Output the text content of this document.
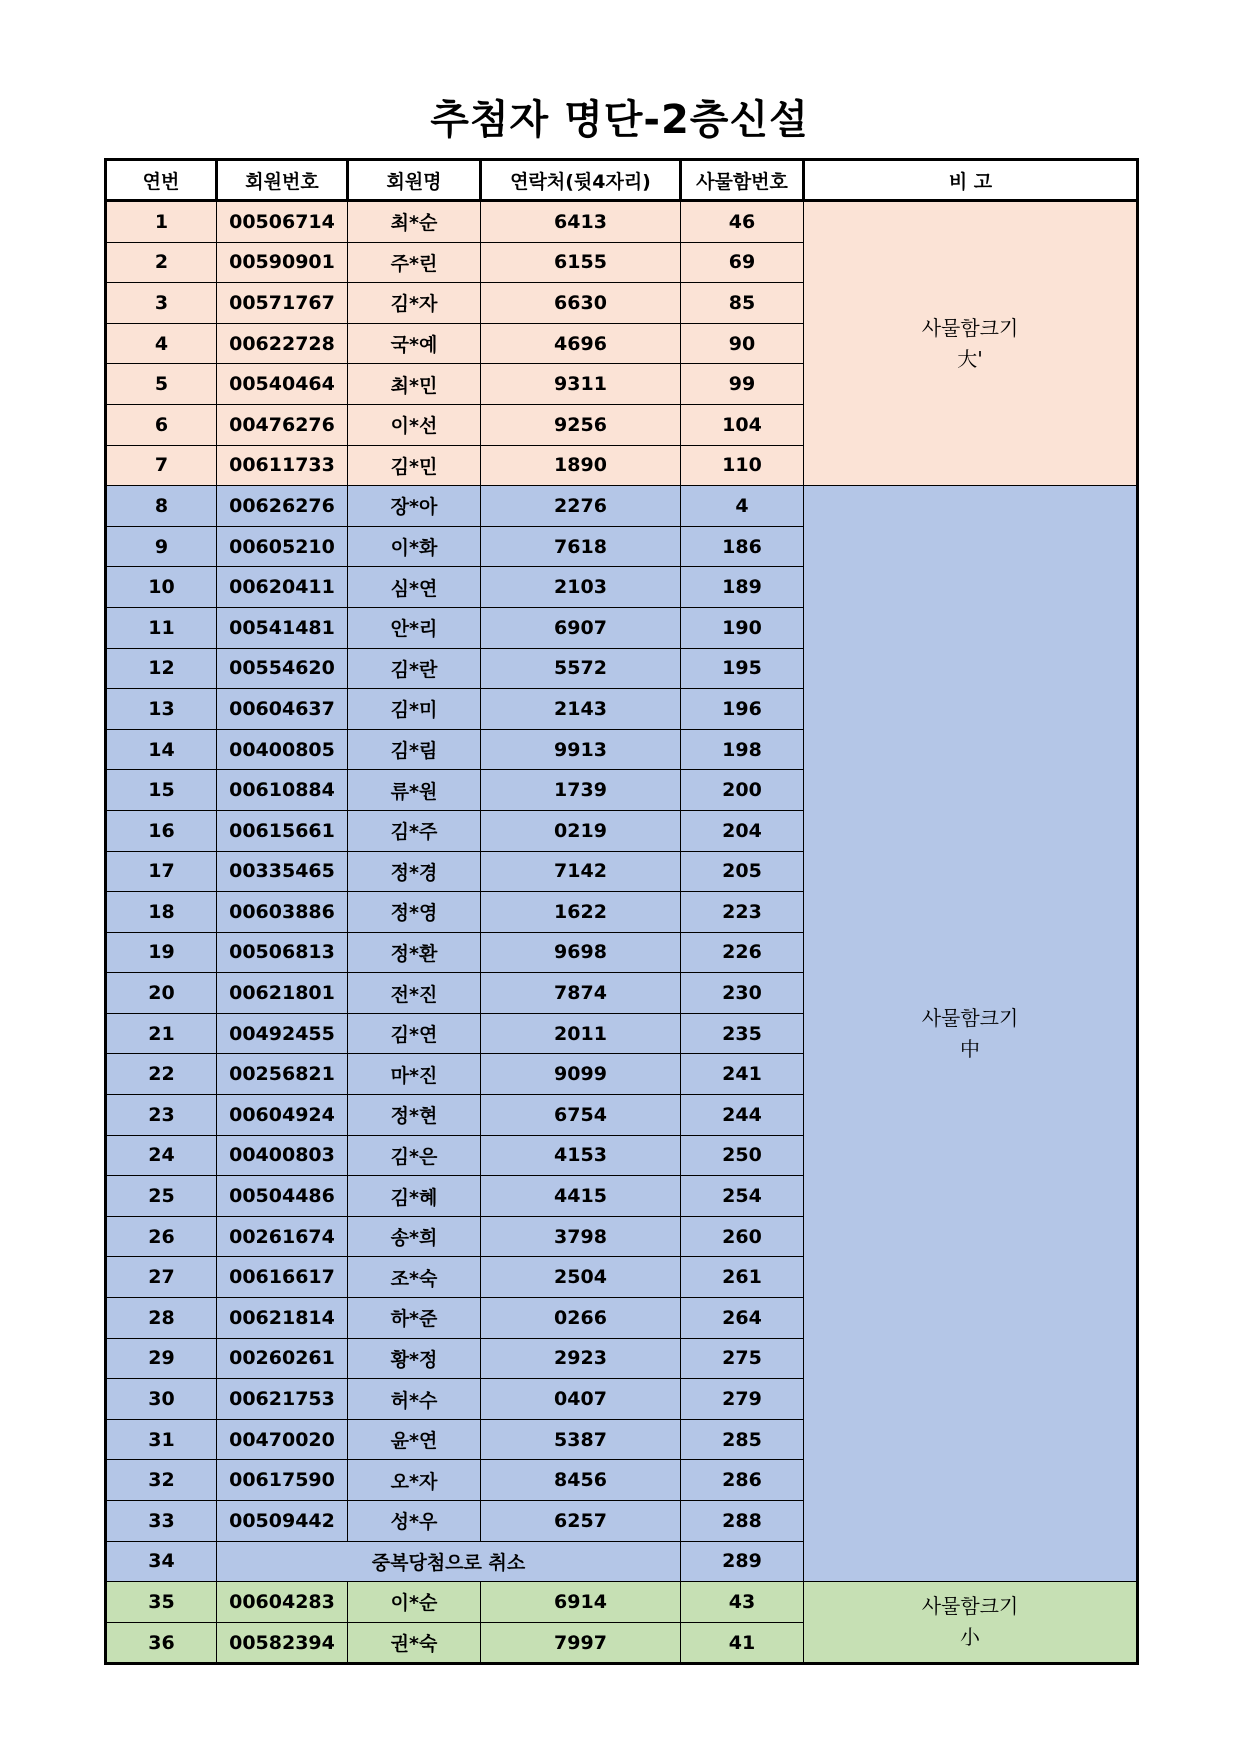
추첨자 명단-2층신설
연번	회원번호	회원명	연락처(뒷4자리)	사물함번호	비 고
1	00506714	최*순	6413	46	사물함크기
大'

2	00590901	주*린	6155	69	
3	00571767	김*자	6630	85	
4	00622728	국*예	4696	90	
5	00540464	최*민	9311	99	
6	00476276	이*선	9256	104	
7	00611733	김*민	1890	110	
8	00626276	장*아	2276	4	사물함크기
中

9	00605210	이*화	7618	186	
10	00620411	심*연	2103	189	
11	00541481	안*리	6907	190	
12	00554620	김*란	5572	195	
13	00604637	김*미	2143	196	
14	00400805	김*림	9913	198	
15	00610884	류*원	1739	200	
16	00615661	김*주	0219	204	
17	00335465	정*경	7142	205	
18	00603886	정*영	1622	223	
19	00506813	정*환	9698	226	
20	00621801	전*진	7874	230	
21	00492455	김*연	2011	235	
22	00256821	마*진	9099	241	
23	00604924	정*현	6754	244	
24	00400803	김*은	4153	250	
25	00504486	김*혜	4415	254	
26	00261674	송*희	3798	260	
27	00616617	조*숙	2504	261	
28	00621814	하*준	0266	264	
29	00260261	황*정	2923	275	
30	00621753	허*수	0407	279	
31	00470020	윤*연	5387	285	
32	00617590	오*자	8456	286	
33	00509442	성*우	6257	288	
34	중복당첨으로 취소			289	
35	00604283	이*순	6914	43	사물함크기
小

36	00582394	권*숙	7997	41	
